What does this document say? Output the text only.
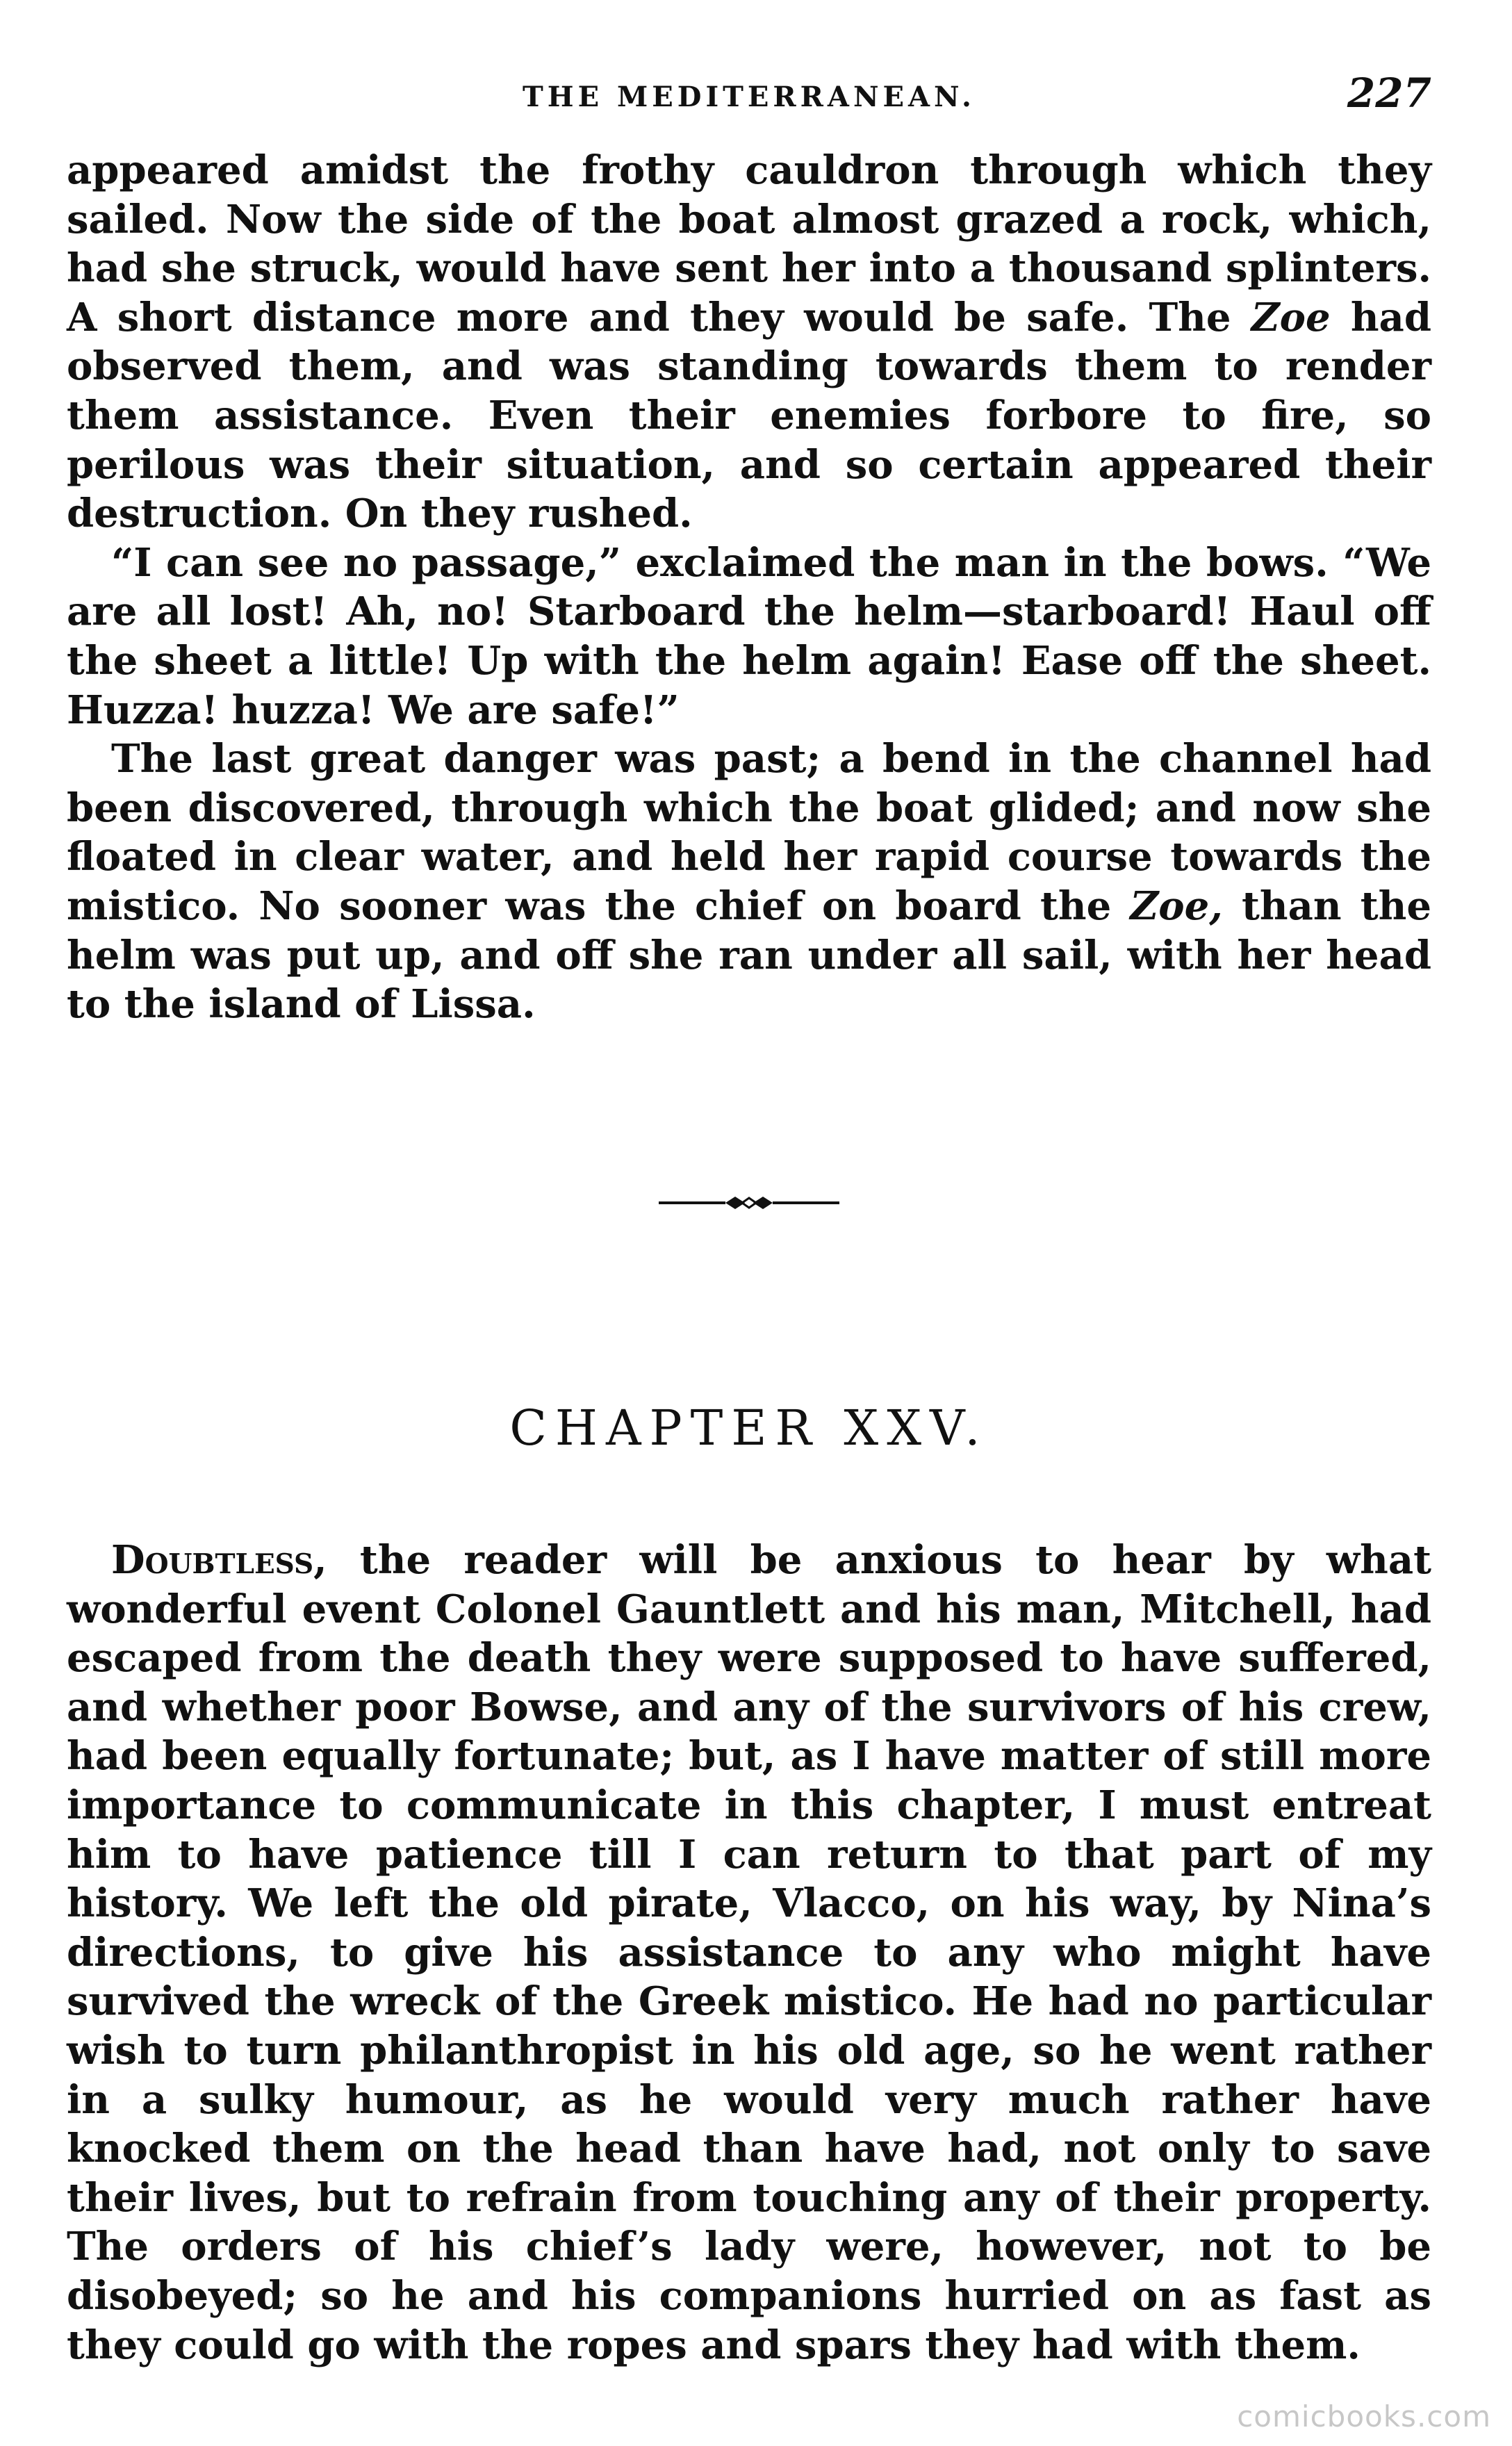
THE MEDITERRANEAN.	227

appeared amidst the frothy cauldron through which they sailed. Now the side of the boat almost grazed a rock, which, had she struck, would have sent her into a thousand splinters. A short distance more and they would be safe. The Zoe had observed them, and was standing towards them to render them assistance. Even their enemies forbore to fire, so perilous was their situation, and so certain appeared their destruction. On they rushed.

“I can see no passage,” exclaimed the man in the bows. “We are all lost! Ah, no! Starboard the helm—starboard! Haul off the sheet a little! Up with the helm again! Ease off the sheet. Huzza! huzza! We are safe!”

The last great danger was past; a bend in the channel had been discovered, through which the boat glided; and now she floated in clear water, and held her rapid course towards the mistico. No sooner was the chief on board the Zoe, than the helm was put up, and off she ran under all sail, with her head to the island of Lissa.

CHAPTER XXV.

Doubtless, the reader will be anxious to hear by what wonderful event Colonel Gauntlett and his man, Mitchell, had escaped from the death they were supposed to have suffered, and whether poor Bowse, and any of the survivors of his crew, had been equally fortunate; but, as I have matter of still more importance to communicate in this chapter, I must entreat him to have patience till I can return to that part of my history. We left the old pirate, Vlacco, on his way, by Nina’s directions, to give his assistance to any who might have survived the wreck of the Greek mistico. He had no particular wish to turn philanthropist in his old age, so he went rather in a sulky humour, as he would very much rather have knocked them on the head than have had, not only to save their lives, but to refrain from touching any of their property. The orders of his chief’s lady were, however, not to be disobeyed; so he and his companions hurried on as fast as they could go with the ropes and spars they had with them.

comicbooks.com
